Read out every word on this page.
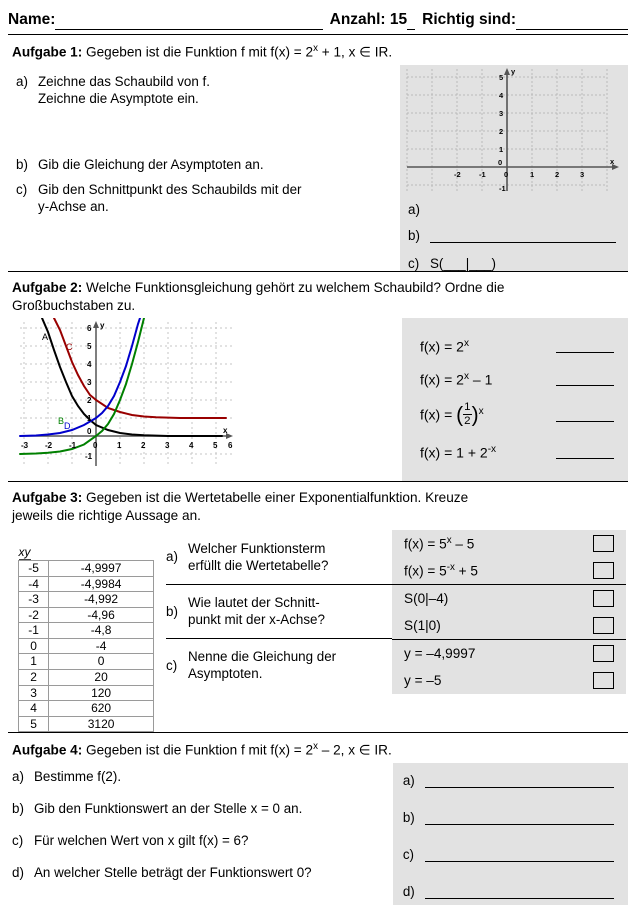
Name:	Anzahl: 15 Richtig sind:
Aufgabe 1: Gegeben ist die Funktion f mit $f(x) = 2^x + 1$, x ∈ IR.
a) Zeichne das Schaubild von f.
Zeichne die Asymptote ein.
b) Gib die Gleichung der Asymptoten an.
c) Gib den Schnittpunkt des Schaubilds mit der
y-Achse an.
y
x
5
4
3
2
1
0
-1
-2 -1 0	1	2	3
a)
b)
c) S(___|___)
Aufgabe 2: Welche Funktionsgleichung gehört zu welchem Schaubild? Ordne die
Großbuchstaben zu.
A
B
C
D
y
x
6
5
4
3
2
1
0
-1
-3 -2 -1 0 1 2 3 4 5 6
$f(x) = 2^x$
$f(x) = 2^x - 1$
f(x) = ( $\frac{1}{2} )^x$
$f(x) = 1 + 2^{-x}$
Aufgabe 3: Gegeben ist die Wertetabelle einer Exponentialfunktion. Kreuze
jeweils die richtige Aussage an.
x y
-5	-4,9997
-4	-4,9984
-3	-4,992
-2	-4,96
-1	-4,8
0	-4
1	0
2	20
3	120
4	620
5	3120
a)
Welcher Funktionsterm
erfüllt die Wertetabelle?
b)
Wie lautet der Schnitt-
punkt mit der x-Achse?
c)
Nenne die Gleichung der
Asymptoten.
$f(x) = 5^x - 5$
$f(x) = 5^{-x} + 5$
S(0|–4)
S(1|0)
y = –4,9997
y = –5
Aufgabe 4: Gegeben ist die Funktion f mit $f(x) = 2^x - 2$, x ∈ IR.
a) Bestimme f(2).
b) Gib den Funktionswert an der Stelle x = 0 an.
c) Für welchen Wert von x gilt f(x) = 6?
d) An welcher Stelle beträgt der Funktionswert 0?
a)
b)
c)
d)
